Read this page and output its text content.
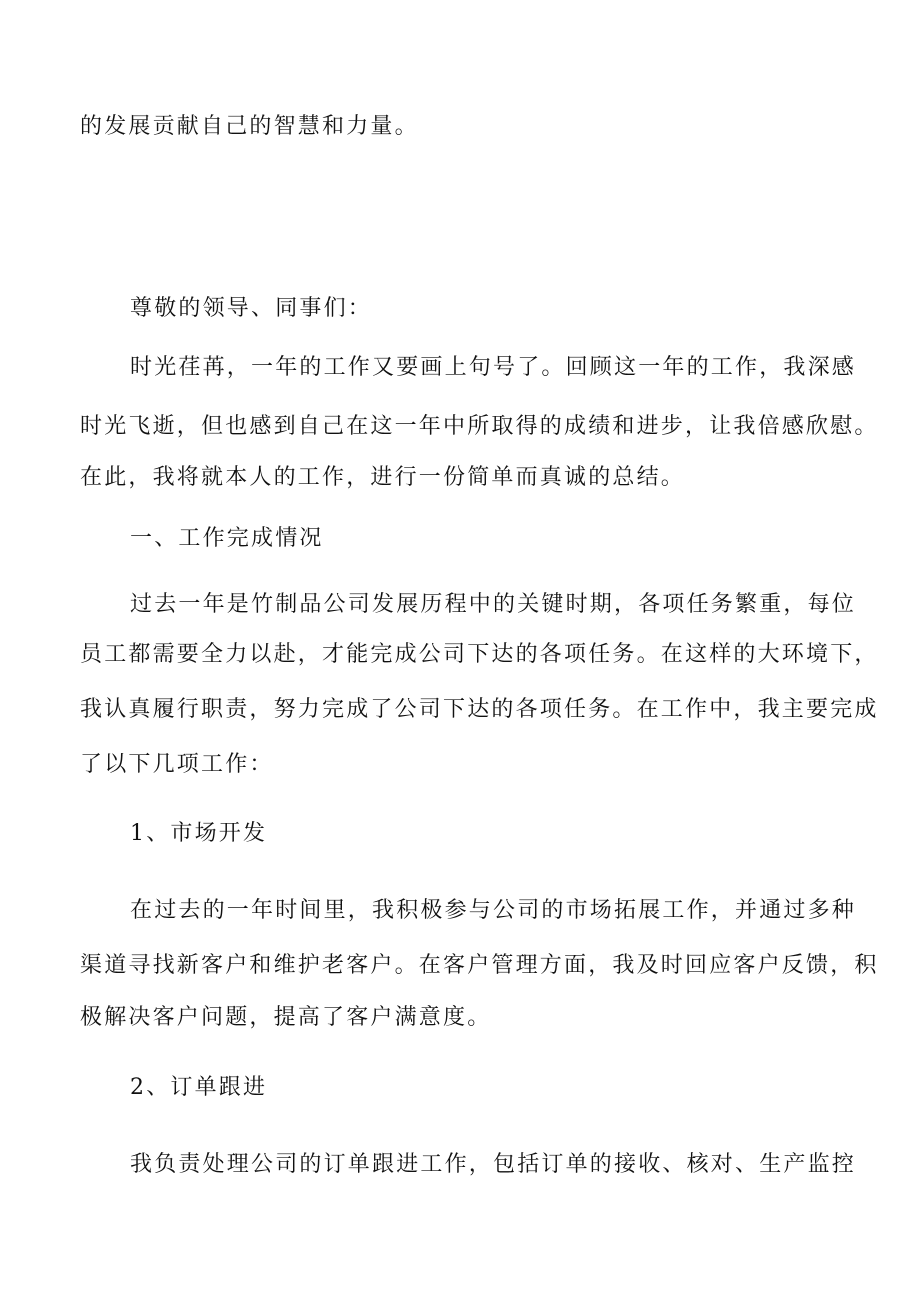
的发展贡献自己的智慧和力量。
尊敬的领导、同事们：
时光荏苒，一年的工作又要画上句号了。回顾这一年的工作，我深感
时光飞逝，但也感到自己在这一年中所取得的成绩和进步，让我倍感欣慰。
在此，我将就本人的工作，进行一份简单而真诚的总结。
一、工作完成情况
过去一年是竹制品公司发展历程中的关键时期，各项任务繁重，每位
员工都需要全力以赴，才能完成公司下达的各项任务。在这样的大环境下，
我认真履行职责，努力完成了公司下达的各项任务。在工作中，我主要完成
了以下几项工作：
1、市场开发
在过去的一年时间里，我积极参与公司的市场拓展工作，并通过多种
渠道寻找新客户和维护老客户。在客户管理方面，我及时回应客户反馈，积
极解决客户问题，提高了客户满意度。
2、订单跟进
我负责处理公司的订单跟进工作，包括订单的接收、核对、生产监控
